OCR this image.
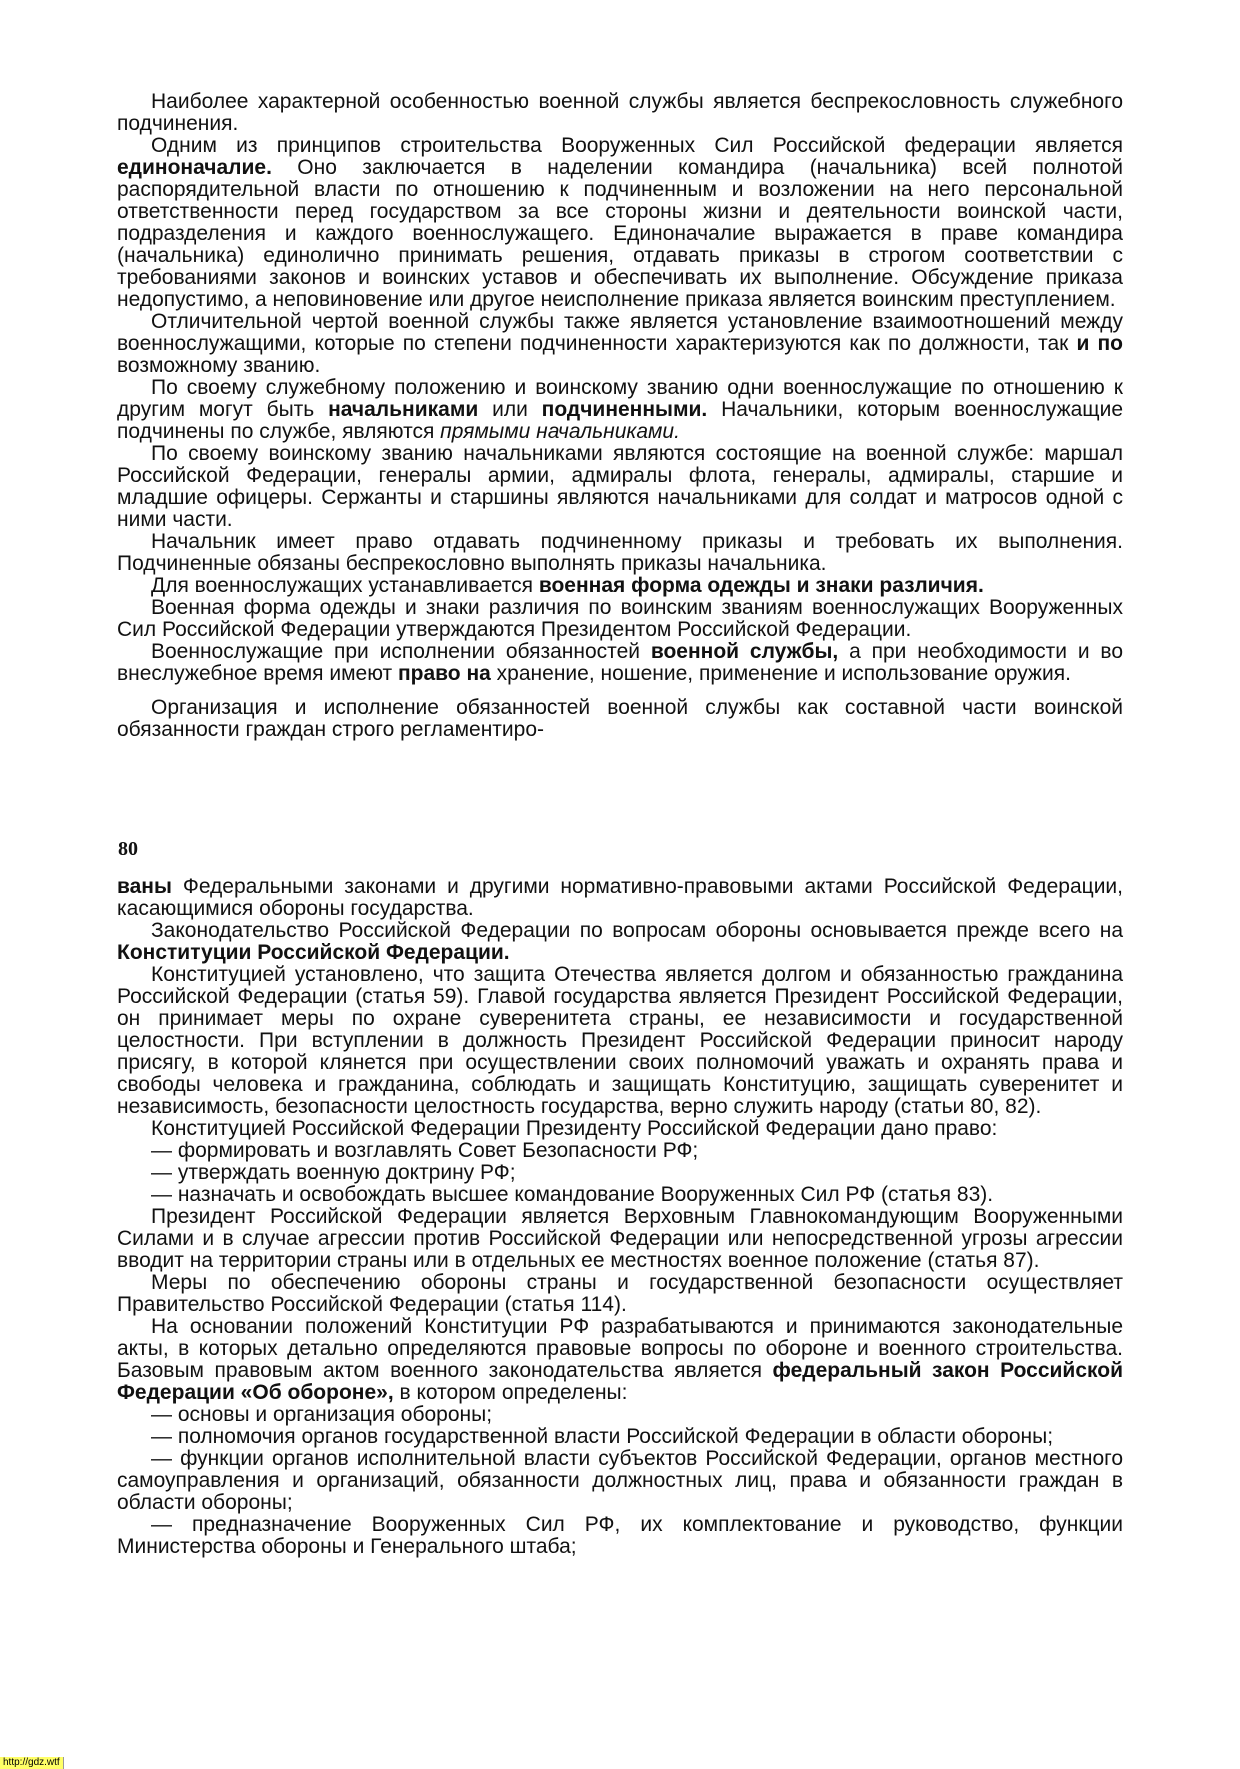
Наиболее характерной особенностью военной службы является беспрекословность служебного подчинения.

Одним из принципов строительства Вооруженных Сил Российской федерации является единоначалие. Оно заключается в наделении командира (начальника) всей полнотой распорядительной власти по отношению к подчиненным и возложении на него персональной ответственности перед государством за все стороны жизни и деятельности воинской части, подразделения и каждого военнослужащего. Единоначалие выражается в праве командира (начальника) единолично принимать решения, отдавать приказы в строгом соответствии с требованиями законов и воинских уставов и обеспечивать их выполнение. Обсуждение приказа недопустимо, а неповиновение или другое неисполнение приказа является воинским преступлением.

Отличительной чертой военной службы также является установление взаимоотношений между военнослужащими, которые по степени подчиненности характеризуются как по должности, так и по возможному званию.

По своему служебному положению и воинскому званию одни военнослужащие по отношению к другим могут быть начальниками или подчиненными. Начальники, которым военнослужащие подчинены по службе, являются прямыми начальниками.

По своему воинскому званию начальниками являются состоящие на военной службе: маршал Российской Федерации, генералы армии, адмиралы флота, генералы, адмиралы, старшие и младшие офицеры. Сержанты и старшины являются начальниками для солдат и матросов одной с ними части.

Начальник имеет право отдавать подчиненному приказы и требовать их выполнения. Подчиненные обязаны беспрекословно выполнять приказы начальника.

Для военнослужащих устанавливается военная форма одежды и знаки различия.

Военная форма одежды и знаки различия по воинским званиям военнослужащих Вооруженных Сил Российской Федерации утверждаются Президентом Российской Федерации.

Военнослужащие при исполнении обязанностей военной службы, а при необходимости и во внеслужебное время имеют право на хранение, ношение, применение и использование оружия.

Организация и исполнение обязанностей военной службы как составной части воинской обязанности граждан строго регламентиро-

80

ваны Федеральными законами и другими нормативно-правовыми актами Российской Федерации, касающимися обороны государства.

Законодательство Российской Федерации по вопросам обороны основывается прежде всего на Конституции Российской Федерации.

Конституцией установлено, что защита Отечества является долгом и обязанностью гражданина Российской Федерации (статья 59). Главой государства является Президент Российской Федерации, он принимает меры по охране суверенитета страны, ее независимости и государственной целостности. При вступлении в должность Президент Российской Федерации приносит народу присягу, в которой клянется при осуществлении своих полномочий уважать и охранять права и свободы человека и гражданина, соблюдать и защищать Конституцию, защищать суверенитет и независимость, безопасности целостность государства, верно служить народу (статьи 80, 82).

Конституцией Российской Федерации Президенту Российской Федерации дано право:

— формировать и возглавлять Совет Безопасности РФ;

— утверждать военную доктрину РФ;

— назначать и освобождать высшее командование Вооруженных Сил РФ (статья 83).

Президент Российской Федерации является Верховным Главнокомандующим Вооруженными Силами и в случае агрессии против Российской Федерации или непосредственной угрозы агрессии вводит на территории страны или в отдельных ее местностях военное положение (статья 87).

Меры по обеспечению обороны страны и государственной безопасности осуществляет Правительство Российской Федерации (статья 114).

На основании положений Конституции РФ разрабатываются и принимаются законодательные акты, в которых детально определяются правовые вопросы по обороне и военного строительства. Базовым правовым актом военного законодательства является федеральный закон Российской Федерации «Об обороне», в котором определены:

— основы и организация обороны;

— полномочия органов государственной власти Российской Федерации в области обороны;

— функции органов исполнительной власти субъектов Российской Федерации, органов местного самоуправления и организаций, обязанности должностных лиц, права и обязанности граждан в области обороны;

— предназначение Вооруженных Сил РФ, их комплектование и руководство, функции Министерства обороны и Генерального штаба;

http://gdz.wtf
